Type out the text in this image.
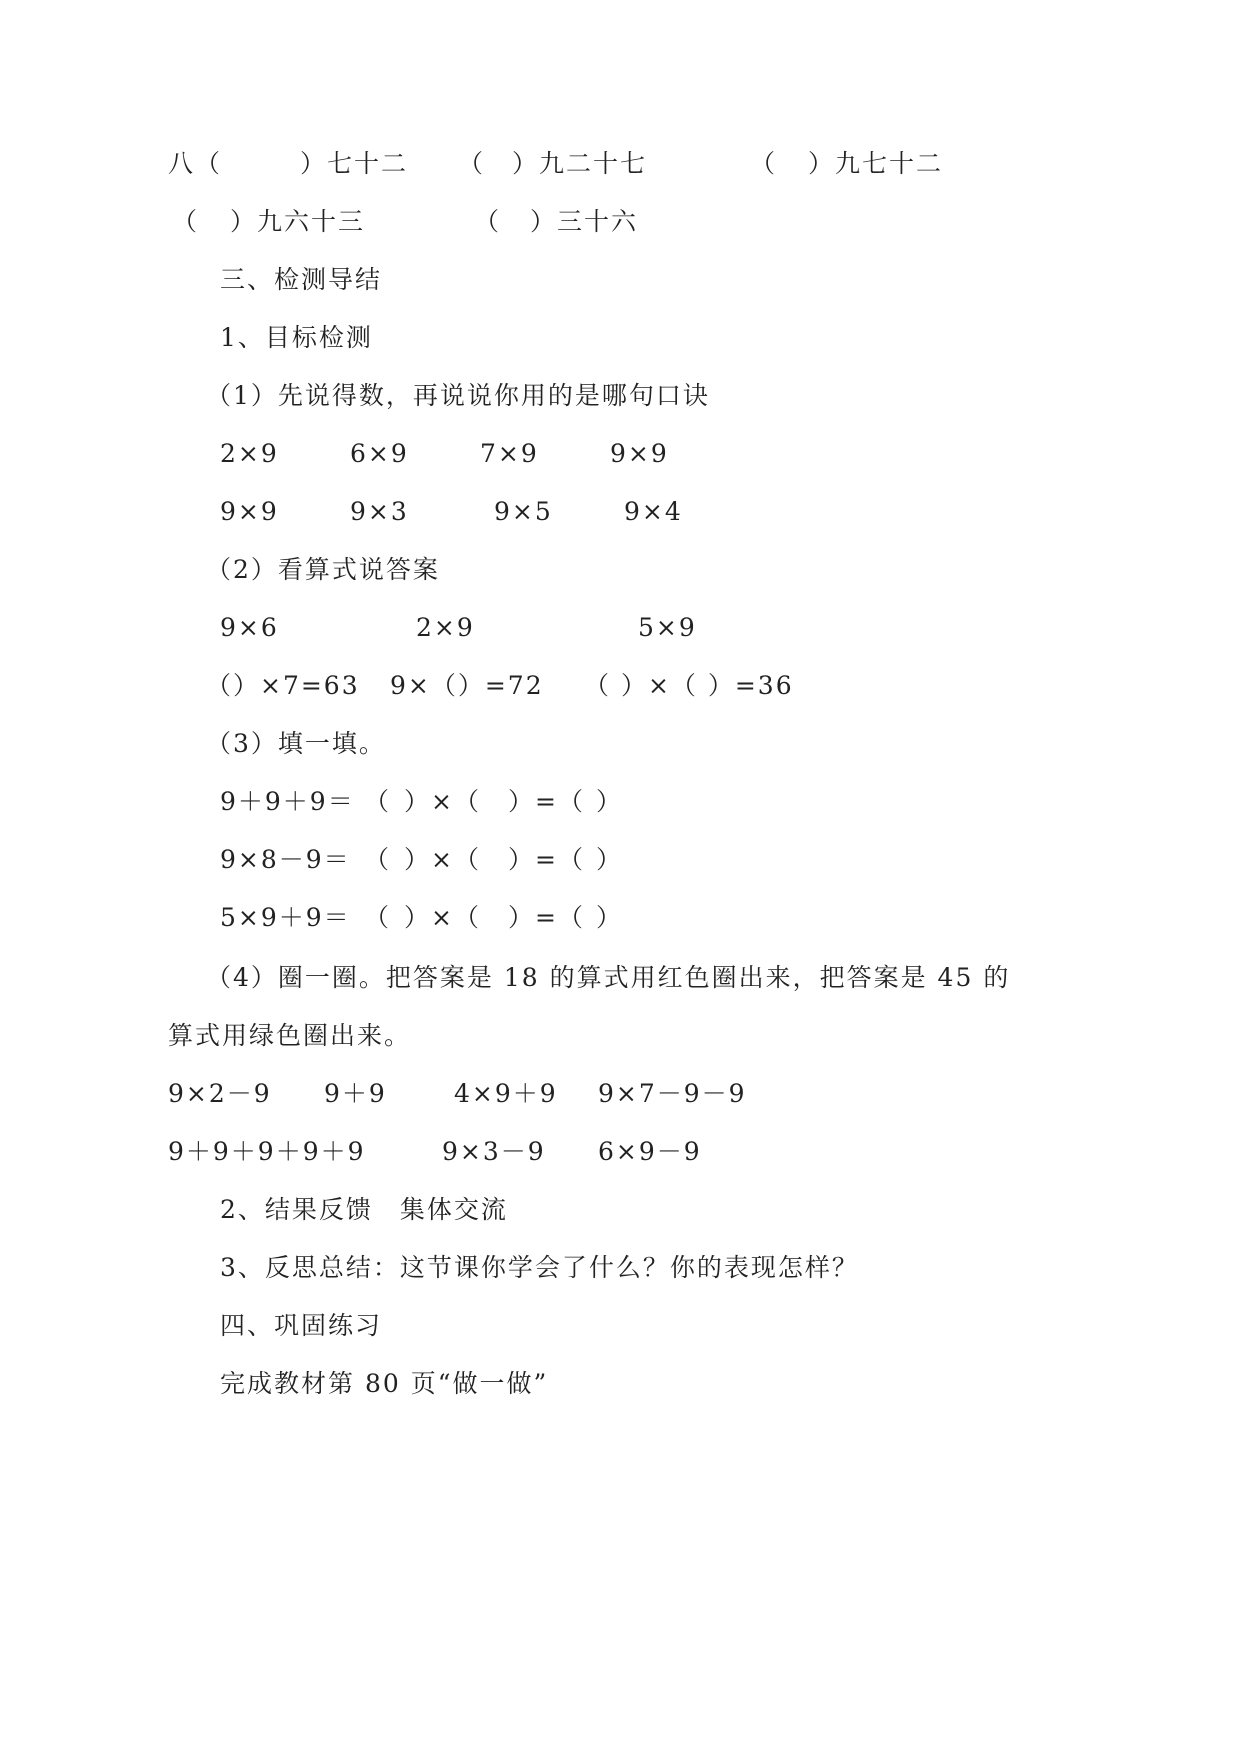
八（	）七十二 （ ）九二十七	（ ）九七十二
（ ）九六十三	（ ）三十六
三、检测导结
1、目标检测
（1）先说得数，再说说你用的是哪句口诀
2×9	6×9	7×9	9×9
9×9	9×3	9×5	9×4
（2）看算式说答案
9×6	2×9	5×9
（）×7=63 9×（）=72 （ ）×（ ）=36
（3）填一填。
9＋9＋9＝ （ ）×（ ）=（ ）
9×8－9＝ （ ）×（ ）=（ ）
5×9＋9＝ （ ）×（ ）=（ ）
（4）圈一圈。把答案是 18 的算式用红色圈出来，把答案是 45 的
算式用绿色圈出来。
9×2－9 9＋9	4×9＋9 9×7－9－9
9＋9＋9＋9＋9	9×3－9 6×9－9
2、结果反馈　集体交流
3、反思总结：这节课你学会了什么？你的表现怎样？
四、巩固练习
完成教材第 80 页“做一做”
